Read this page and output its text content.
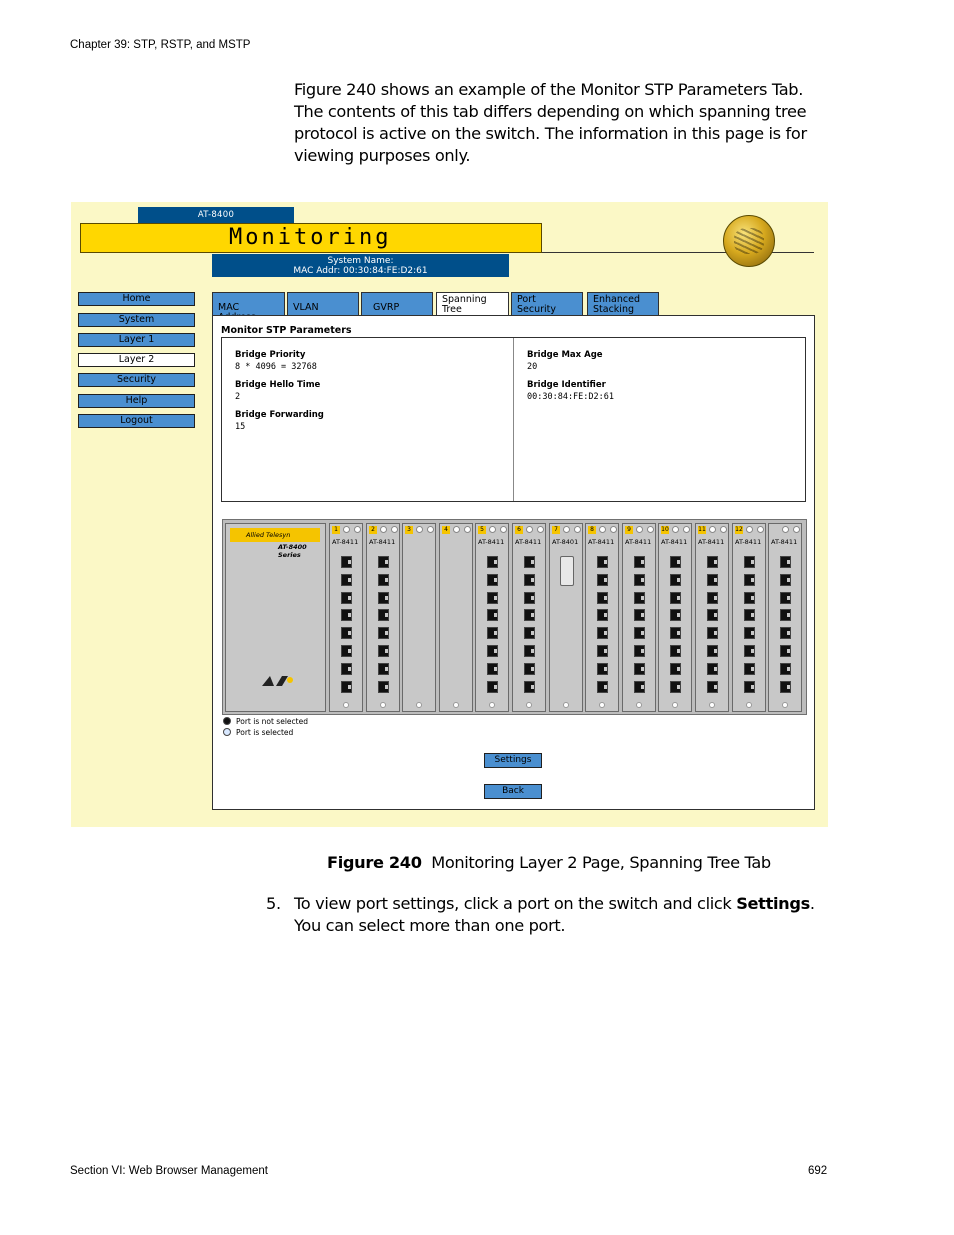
Chapter 39: STP, RSTP, and MSTP

Figure 240 shows an example of the Monitor STP Parameters Tab.

The contents of this tab differs depending on which spanning tree

protocol is active on the switch. The information in this page is for

viewing purposes only.

AT-8400
Monitoring
System Name:
MAC Addr: 00:30:84:FE:D2:61
Home
System
Layer 1
Layer 2
Security
Help
Logout
MAC	VLAN	GVRP
Spanning
Tree
Port
Security
Enhanced
Stacking
Monitor STP Parameters
Bridge Priority
8 * 4096 = 32768
Bridge Hello Time
2
Bridge Forwarding
15
Bridge Max Age
20
Bridge Identifier
00:30:84:FE:D2:61
Allied Telesyn
AT-8400 Series
1
AT-8411
2
AT-8411
3	4	5
AT-8411
6
AT-8411
7
AT-8401
8
AT-8411
9
AT-8411
10
AT-8411
11
AT-8411
12
AT-8411 AT-8411
Port is not selected
Port is selected
Settings
Back
Figure 240 Monitoring Layer 2 Page, Spanning Tree Tab
5. To view port settings, click a port on the switch and click Settings.
You can select more than one port.
Section VI: Web Browser Management	692
